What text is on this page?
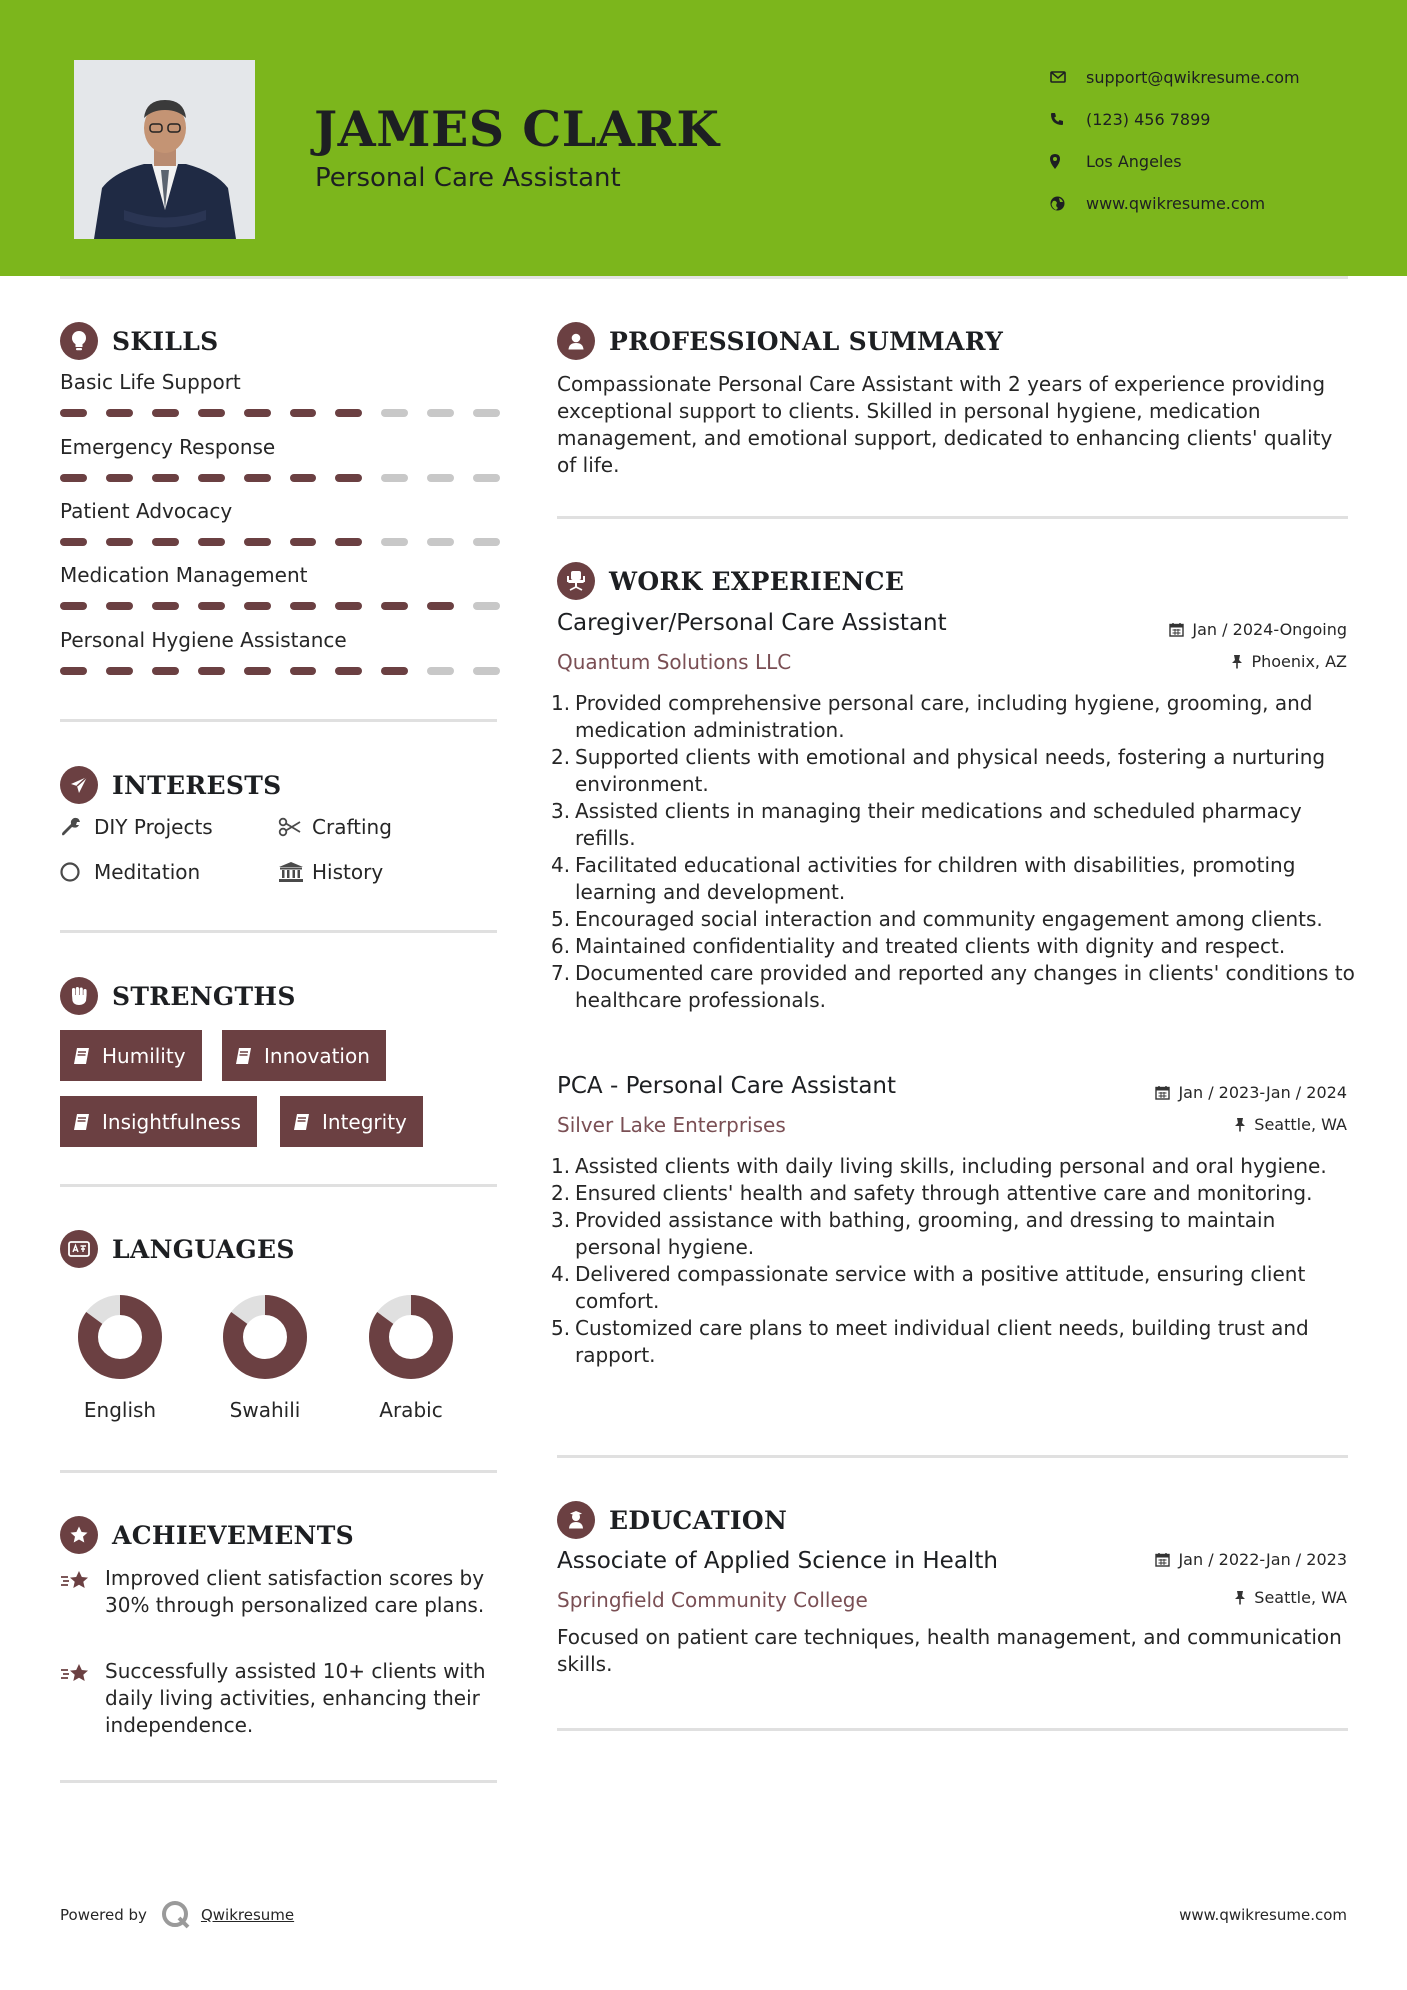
JAMES CLARK
Personal Care Assistant
support@qwikresume.com
(123) 456 7899
Los Angeles
www.qwikresume.com
SKILLS
Basic Life Support
Emergency Response
Patient Advocacy
Medication Management
Personal Hygiene Assistance
INTERESTS
DIY Projects	Crafting
Meditation	History
STRENGTHS
Humility	Innovation
Insightfulness	Integrity
LANGUAGES
English	Swahili	Arabic
ACHIEVEMENTS
Improved client satisfaction scores by 30% through personalized care plans.
Successfully assisted 10+ clients with daily living activities, enhancing their independence.
PROFESSIONAL SUMMARY
Compassionate Personal Care Assistant with 2 years of experience providing exceptional support to clients. Skilled in personal hygiene, medication management, and emotional support, dedicated to enhancing clients' quality of life.
WORK EXPERIENCE
Caregiver/Personal Care Assistant	Jan / 2024-Ongoing
Quantum Solutions LLC	Phoenix, AZ
1. Provided comprehensive personal care, including hygiene, grooming, and medication administration.
2. Supported clients with emotional and physical needs, fostering a nurturing environment.
3. Assisted clients in managing their medications and scheduled pharmacy refills.
4. Facilitated educational activities for children with disabilities, promoting learning and development.
5. Encouraged social interaction and community engagement among clients.
6. Maintained confidentiality and treated clients with dignity and respect.
7. Documented care provided and reported any changes in clients' conditions to healthcare professionals.
PCA - Personal Care Assistant	Jan / 2023-Jan / 2024
Silver Lake Enterprises	Seattle, WA
1. Assisted clients with daily living skills, including personal and oral hygiene.
2. Ensured clients' health and safety through attentive care and monitoring.
3. Provided assistance with bathing, grooming, and dressing to maintain personal hygiene.
4. Delivered compassionate service with a positive attitude, ensuring client comfort.
5. Customized care plans to meet individual client needs, building trust and rapport.
EDUCATION
Associate of Applied Science in Health	Jan / 2022-Jan / 2023
Springfield Community College	Seattle, WA
Focused on patient care techniques, health management, and communication skills.
Powered by	Qwikresume	www.qwikresume.com
